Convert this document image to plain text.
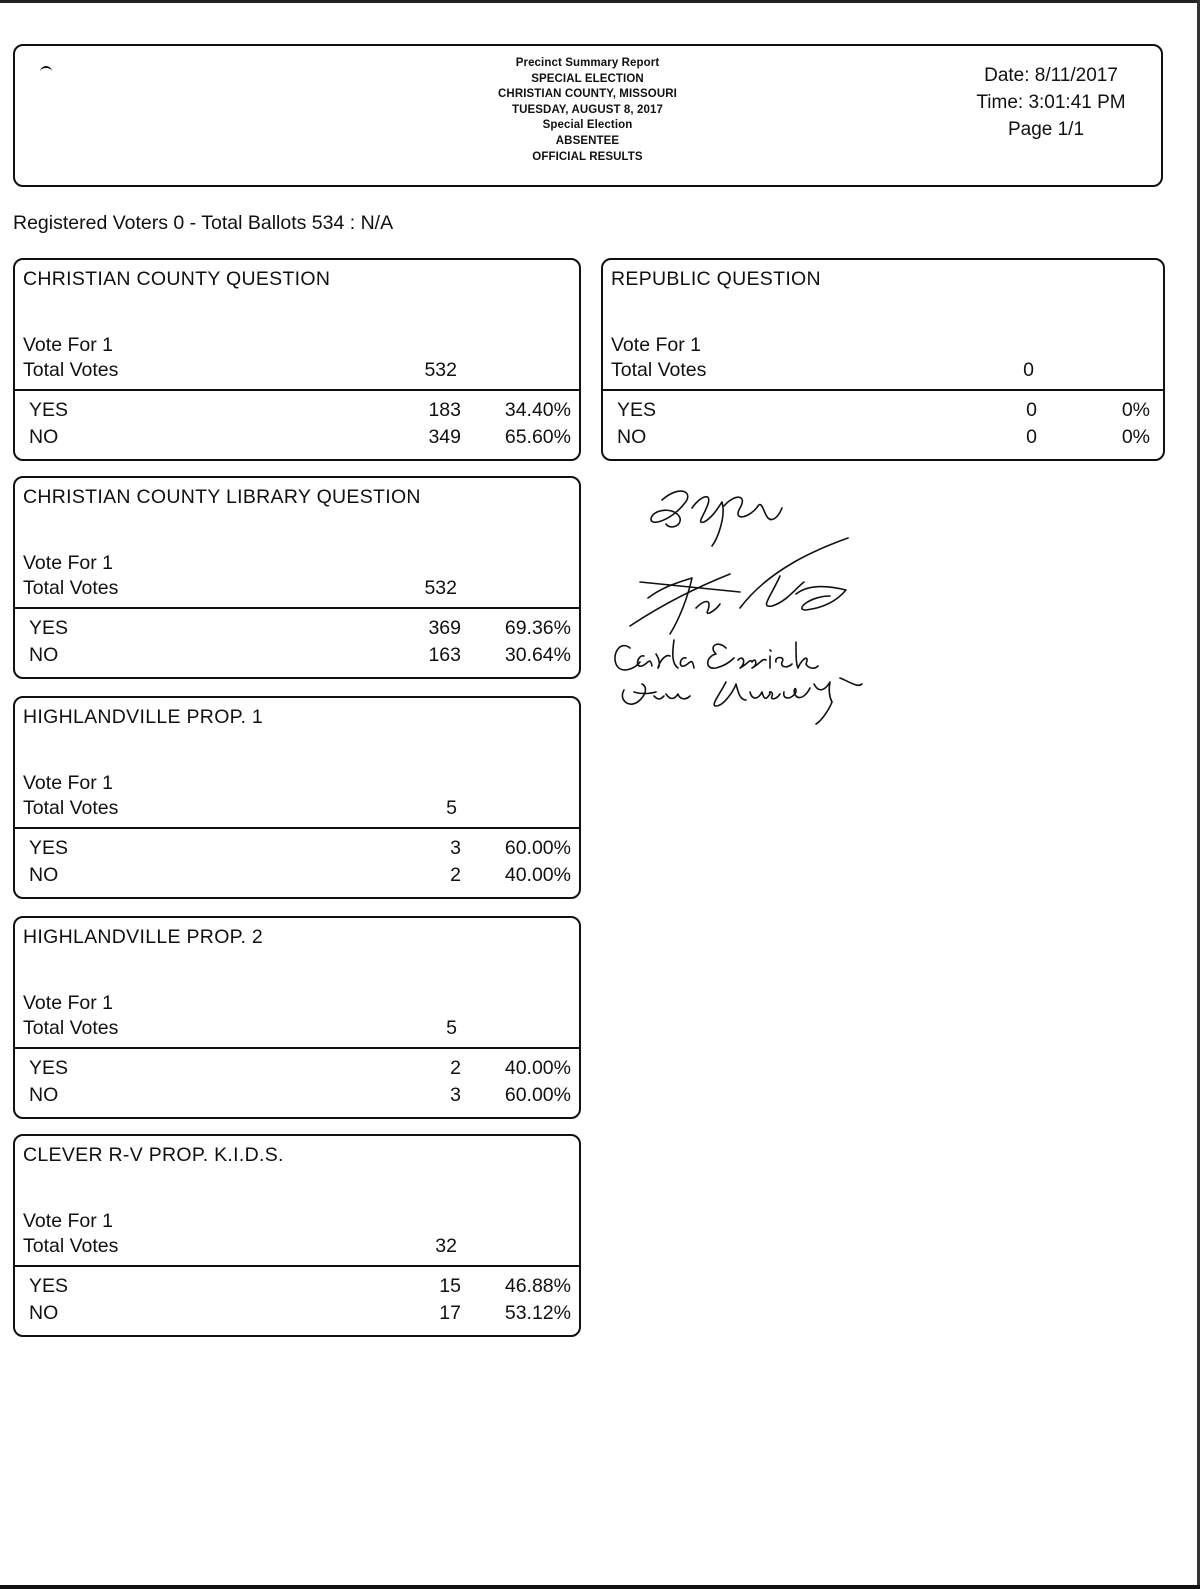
Precinct Summary Report
SPECIAL ELECTION
CHRISTIAN COUNTY, MISSOURI
TUESDAY, AUGUST 8, 2017
Special Election
ABSENTEE
OFFICIAL RESULTS
Date: 8/11/2017
Time: 3:01:41 PM
Page 1/1
Registered Voters 0 - Total Ballots 534 : N/A
CHRISTIAN COUNTY QUESTION
Vote For 1
Total Votes	532
YES	183	34.40%
NO	349	65.60%
CHRISTIAN COUNTY LIBRARY QUESTION
Vote For 1
Total Votes	532
YES	369	69.36%
NO	163	30.64%
HIGHLANDVILLE PROP. 1
Vote For 1
Total Votes	5
YES	3	60.00%
NO	2	40.00%
HIGHLANDVILLE PROP. 2
Vote For 1
Total Votes	5
YES	2	40.00%
NO	3	60.00%
CLEVER R-V PROP. K.I.D.S.
Vote For 1
Total Votes	32
YES	15	46.88%
NO	17	53.12%
REPUBLIC QUESTION
Vote For 1
Total Votes	0
YES	0	0%
NO	0	0%
